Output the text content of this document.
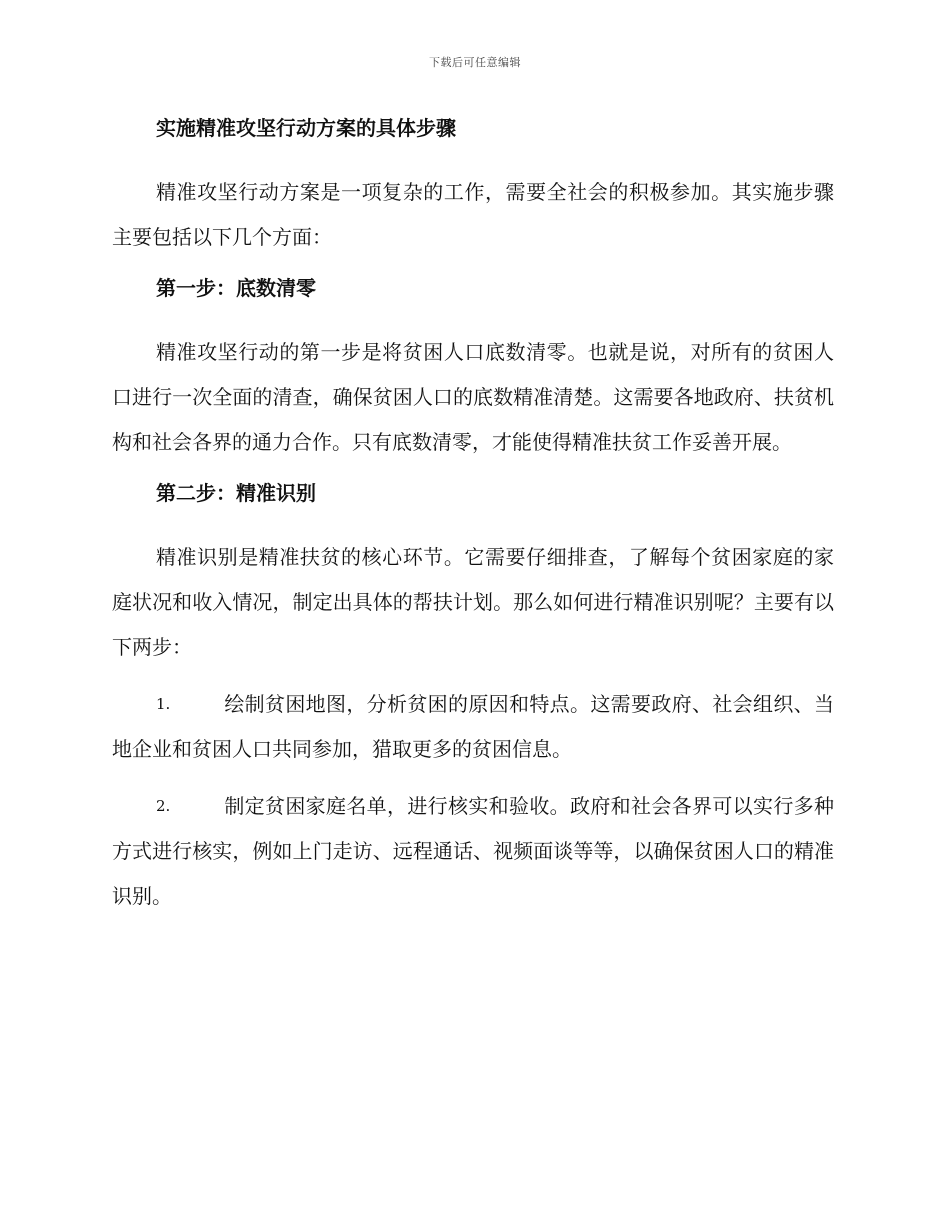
下载后可任意编辑
实施精准攻坚行动方案的具体步骤

精准攻坚行动方案是一项复杂的工作，需要全社会的积极参加。其实施步骤主要包括以下几个方面：

第一步：底数清零

精准攻坚行动的第一步是将贫困人口底数清零。也就是说，对所有的贫困人口进行一次全面的清查，确保贫困人口的底数精准清楚。这需要各地政府、扶贫机构和社会各界的通力合作。只有底数清零，才能使得精准扶贫工作妥善开展。

第二步：精准识别

精准识别是精准扶贫的核心环节。它需要仔细排查，了解每个贫困家庭的家庭状况和收入情况，制定出具体的帮扶计划。那么如何进行精准识别呢？主要有以下两步：

1.	绘制贫困地图，分析贫困的原因和特点。这需要政府、社会组织、当地企业和贫困人口共同参加，猎取更多的贫困信息。

2.	制定贫困家庭名单，进行核实和验收。政府和社会各界可以实行多种方式进行核实，例如上门走访、远程通话、视频面谈等等，以确保贫困人口的精准识别。
